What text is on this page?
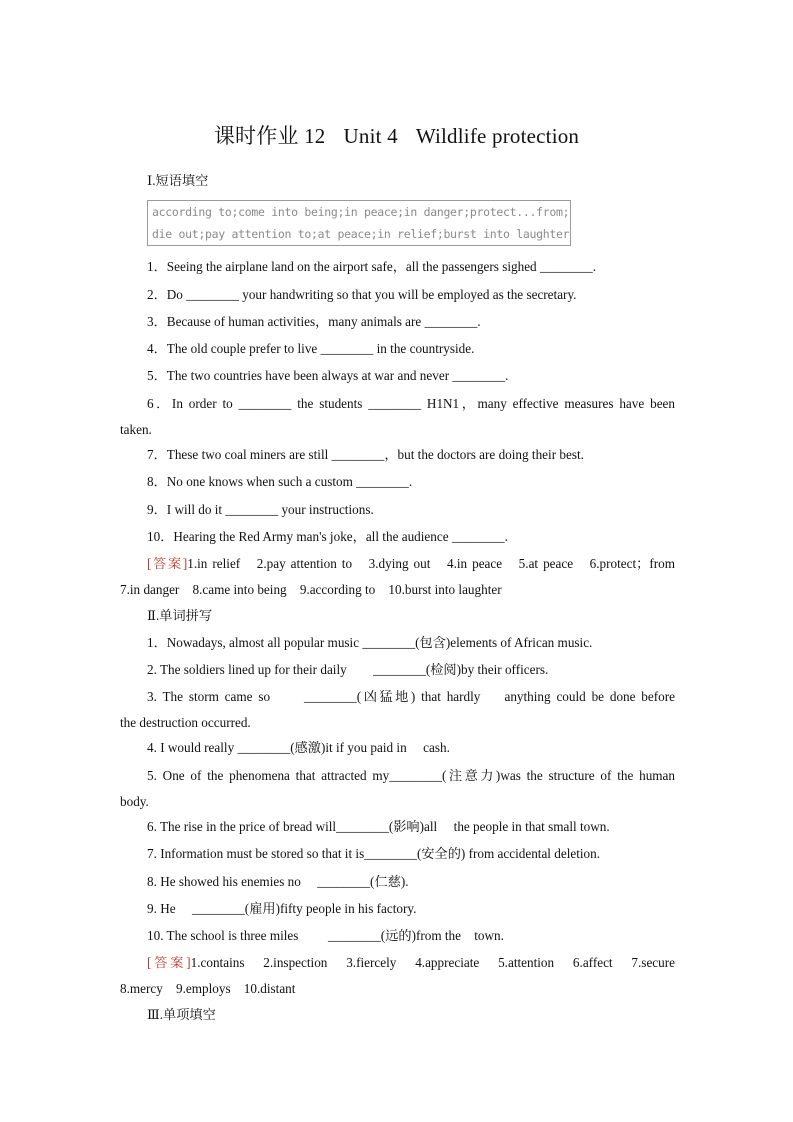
课时作业 12 Unit 4 Wildlife protection
Ⅰ.短语填空
according to;come into being;in peace;in danger;protect...from;
die out;pay attention to;at peace;in relief;burst into laughter
1．Seeing the airplane land on the airport safe，all the passengers sighed ________.
2．Do ________ your handwriting so that you will be employed as the secretary.
3．Because of human activities，many animals are ________.
4．The old couple prefer to live ________ in the countryside.
5．The two countries have been always at war and never ________.
6．In order to ________ the students ________ H1N1，many effective measures have been
taken.
7．These two coal miners are still ________，but the doctors are doing their best.
8．No one knows when such a custom ________.
9．I will do it ________ your instructions.
10．Hearing the Red Army man's joke，all the audience ________.
[答案]1.in relief　2.pay attention to　3.dying out　4.in peace　5.at peace　6.protect；from
7.in danger　8.came into being　9.according to　10.burst into laughter
Ⅱ.单词拼写
1．Nowadays, almost all popular music ________(包含)elements of African music.
2. The soldiers lined up for their daily　　________(检阅)by their officers.
3. The storm came so　　________(凶猛地) that hardly　 anything could be done before
the destruction occurred.
4. I would really ________(感激)it if you paid in　 cash.
5. One of the phenomena that attracted my________(注意力)was the structure of the human
body.
6. The rise in the price of bread will________(影响)all　 the people in that small town.
7. Information must be stored so that it is________(安全的) from accidental deletion.
8. He showed his enemies no　 ________(仁慈).
9. He　 ________(雇用)fifty people in his factory.
10. The school is three miles　　 ________(远的)from the　town.
[答案]1.contains　2.inspection　3.fiercely　4.appreciate　5.attention　6.affect　7.secure
8.mercy　9.employs　10.distant
Ⅲ.单项填空
